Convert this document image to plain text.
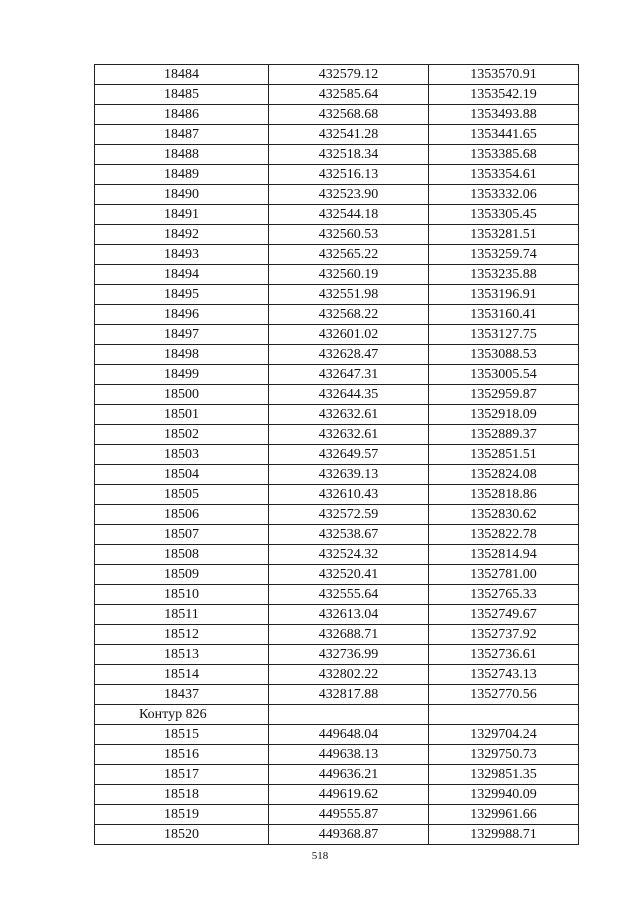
18484	432579.12	1353570.91
18485	432585.64	1353542.19
18486	432568.68	1353493.88
18487	432541.28	1353441.65
18488	432518.34	1353385.68
18489	432516.13	1353354.61
18490	432523.90	1353332.06
18491	432544.18	1353305.45
18492	432560.53	1353281.51
18493	432565.22	1353259.74
18494	432560.19	1353235.88
18495	432551.98	1353196.91
18496	432568.22	1353160.41
18497	432601.02	1353127.75
18498	432628.47	1353088.53
18499	432647.31	1353005.54
18500	432644.35	1352959.87
18501	432632.61	1352918.09
18502	432632.61	1352889.37
18503	432649.57	1352851.51
18504	432639.13	1352824.08
18505	432610.43	1352818.86
18506	432572.59	1352830.62
18507	432538.67	1352822.78
18508	432524.32	1352814.94
18509	432520.41	1352781.00
18510	432555.64	1352765.33
18511	432613.04	1352749.67
18512	432688.71	1352737.92
18513	432736.99	1352736.61
18514	432802.22	1352743.13
18437	432817.88	1352770.56
Контур 826		
18515	449648.04	1329704.24
18516	449638.13	1329750.73
18517	449636.21	1329851.35
18518	449619.62	1329940.09
18519	449555.87	1329961.66
18520	449368.87	1329988.71
518
